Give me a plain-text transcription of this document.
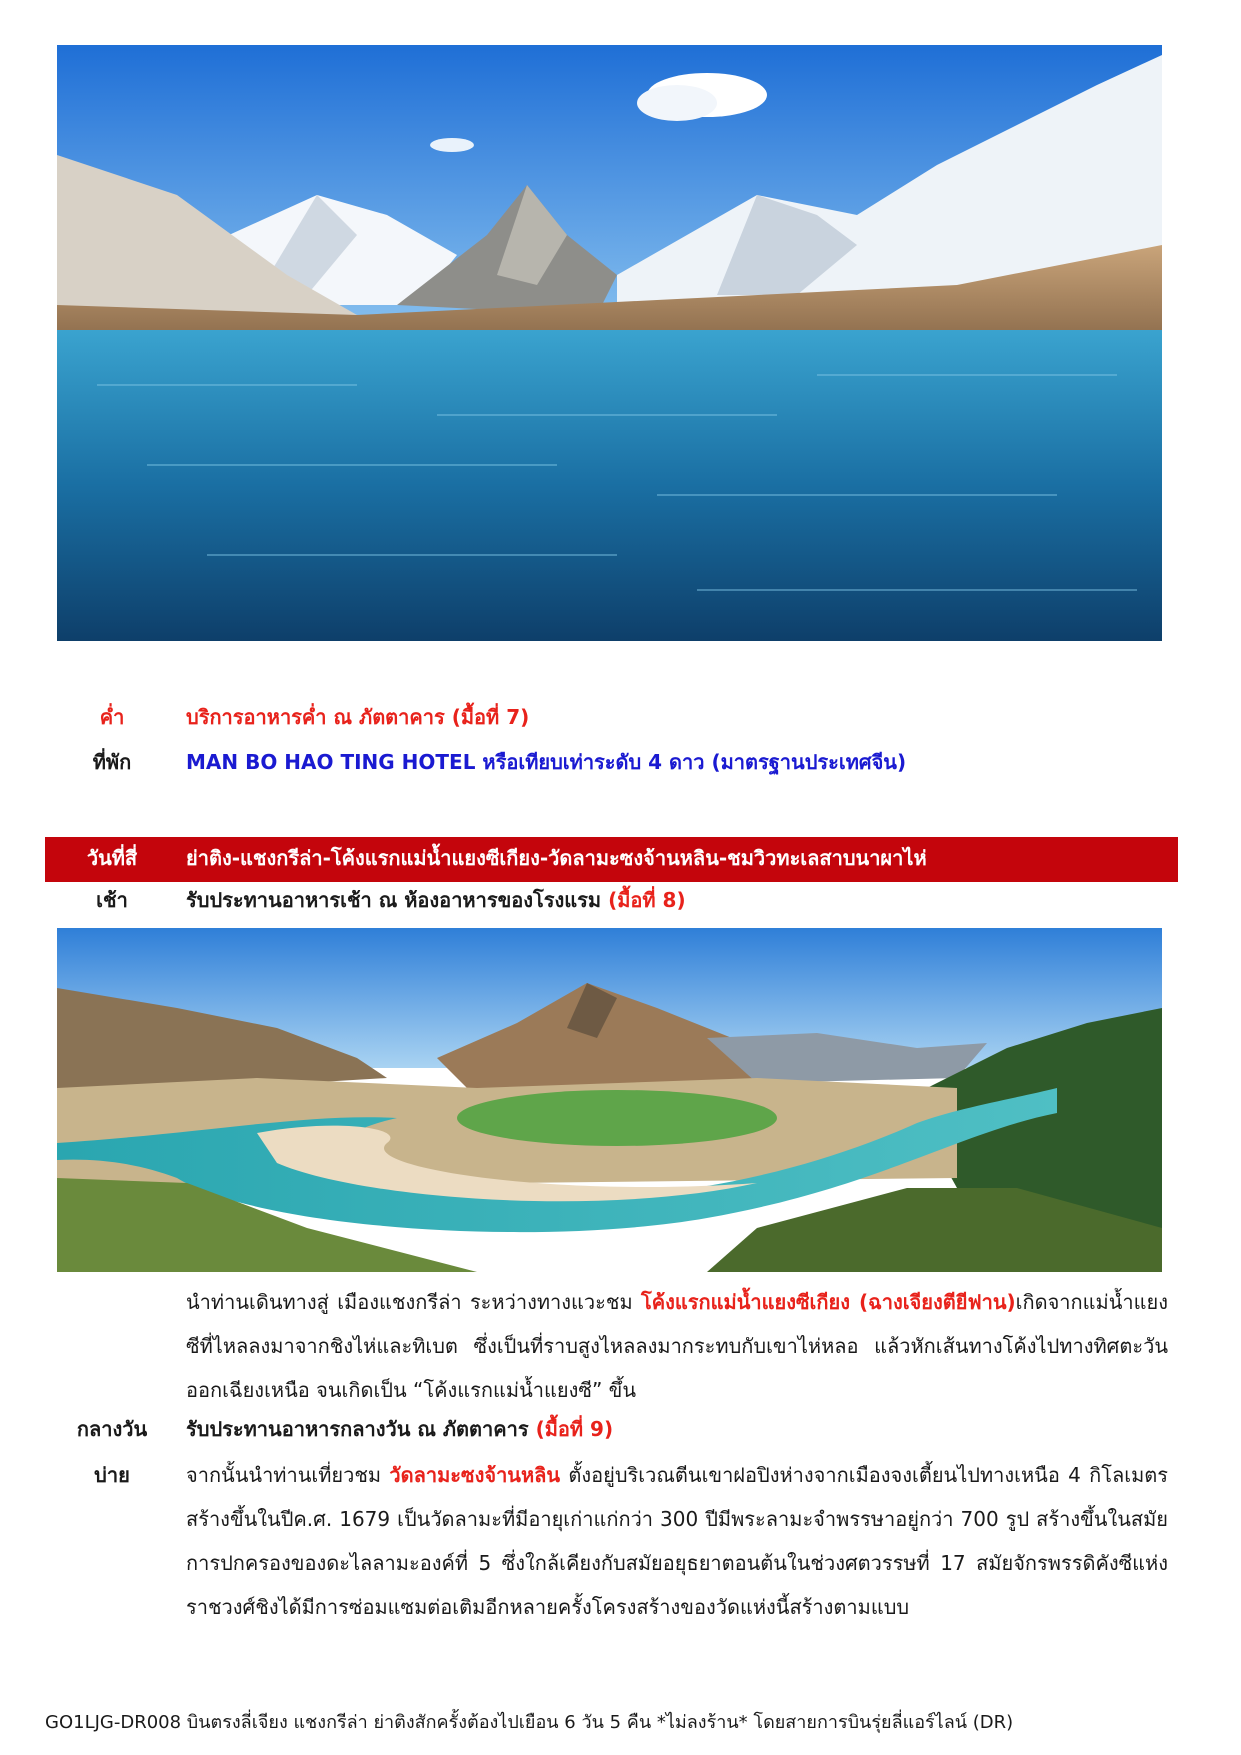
ค่ำ	บริการอาหารค่ำ ณ ภัตตาคาร (มื้อที่ 7)
ที่พัก	MAN BO HAO TING HOTEL หรือเทียบเท่าระดับ 4 ดาว (มาตรฐานประเทศจีน)
วันที่สี่	ย่าติง-แชงกรีล่า-โค้งแรกแม่น้ำแยงซีเกียง-วัดลามะซงจ้านหลิน-ชมวิวทะเลสาบนาผาไห่
เช้า	รับประทานอาหารเช้า ณ ห้องอาหารของโรงแรม (มื้อที่ 8)
นำท่านเดินทางสู่ เมืองแชงกรีล่า ระหว่างทางแวะชม โค้งแรกแม่น้ำแยงซีเกียง (ฉางเจียงตียีฟาน)เกิดจากแม่น้ำแยงซีที่ไหลลงมาจากชิงไห่และทิเบต ซึ่งเป็นที่ราบสูงไหลลงมากระทบกับเขาไห่หลอ แล้วหักเส้นทางโค้งไปทางทิศตะวันออกเฉียงเหนือ จนเกิดเป็น “โค้งแรกแม่น้ำแยงซี” ขึ้น
กลางวัน	รับประทานอาหารกลางวัน ณ ภัตตาคาร (มื้อที่ 9)
บ่าย	จากนั้นนำท่านเที่ยวชม วัดลามะซงจ้านหลิน ตั้งอยู่บริเวณตีนเขาฝอปิงห่างจากเมืองจงเตี้ยนไปทางเหนือ 4 กิโลเมตรสร้างขึ้นในปีค.ศ. 1679 เป็นวัดลามะที่มีอายุเก่าแก่กว่า 300 ปีมีพระลามะจำพรรษาอยู่กว่า 700 รูป สร้างขึ้นในสมัยการปกครองของดะไลลามะองค์ที่ 5 ซึ่งใกล้เคียงกับสมัยอยุธยาตอนต้นในช่วงศตวรรษที่ 17 สมัยจักรพรรดิคังซีแห่งราชวงศ์ชิงได้มีการซ่อมแซมต่อเติมอีกหลายครั้งโครงสร้างของวัดแห่งนี้สร้างตามแบบ
GO1LJG-DR008 บินตรงลี่เจียง แชงกรีล่า ย่าติงสักครั้งต้องไปเยือน 6 วัน 5 คืน *ไม่ลงร้าน* โดยสายการบินรุ่ยลี่แอร์ไลน์ (DR)
